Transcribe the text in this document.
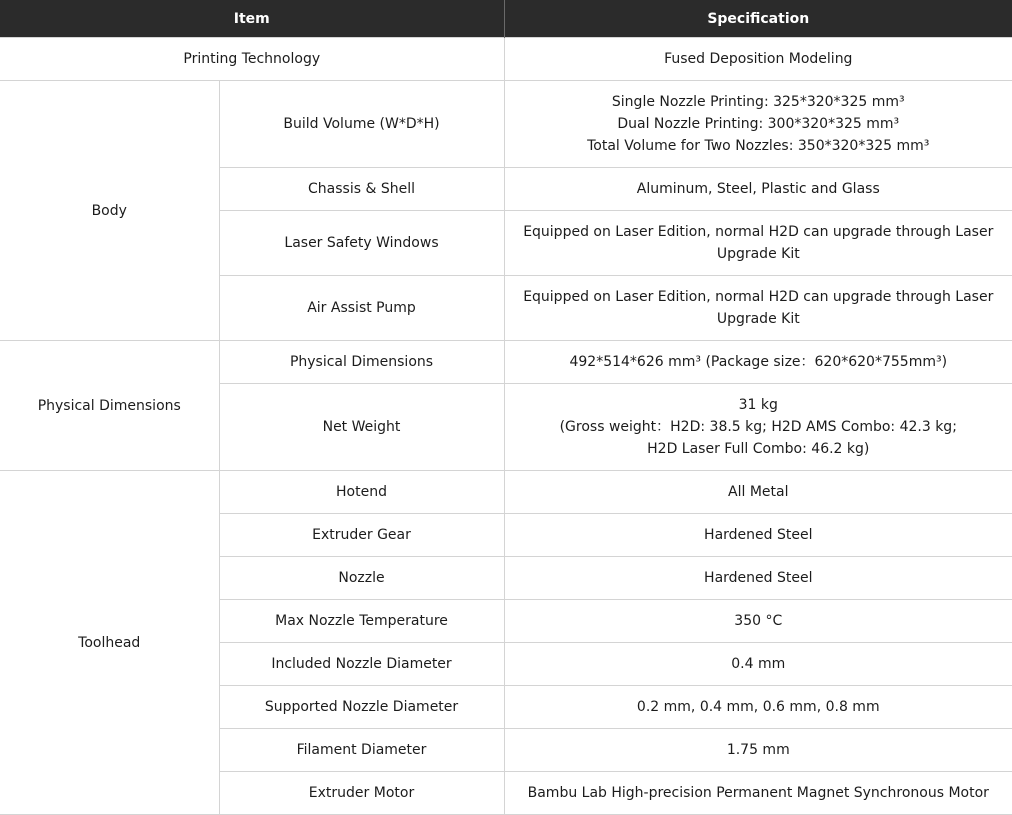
Item		Specification
Printing Technology		Fused Deposition Modeling
Body	Build Volume (W*D*H)	Single Nozzle Printing: 325*320*325 mm³
Dual Nozzle Printing: 300*320*325 mm³
Total Volume for Two Nozzles: 350*320*325 mm³

	Chassis & Shell	Aluminum, Steel, Plastic and Glass
	Laser Safety Windows	Equipped on Laser Edition, normal H2D can upgrade through Laser
Upgrade Kit

	Air Assist Pump	Equipped on Laser Edition, normal H2D can upgrade through Laser
Upgrade Kit

Physical Dimensions	Physical Dimensions	492*514*626 mm³ (Package size：620*620*755mm³)
	Net Weight	31 kg
(Gross weight：H2D: 38.5 kg; H2D AMS Combo: 42.3 kg;
H2D Laser Full Combo: 46.2 kg)

Toolhead	Hotend	All Metal
	Extruder Gear	Hardened Steel
	Nozzle	Hardened Steel
	Max Nozzle Temperature	350 °C
	Included Nozzle Diameter	0.4 mm
	Supported Nozzle Diameter	0.2 mm, 0.4 mm, 0.6 mm, 0.8 mm
	Filament Diameter	1.75 mm
	Extruder Motor	Bambu Lab High-precision Permanent Magnet Synchronous Motor
